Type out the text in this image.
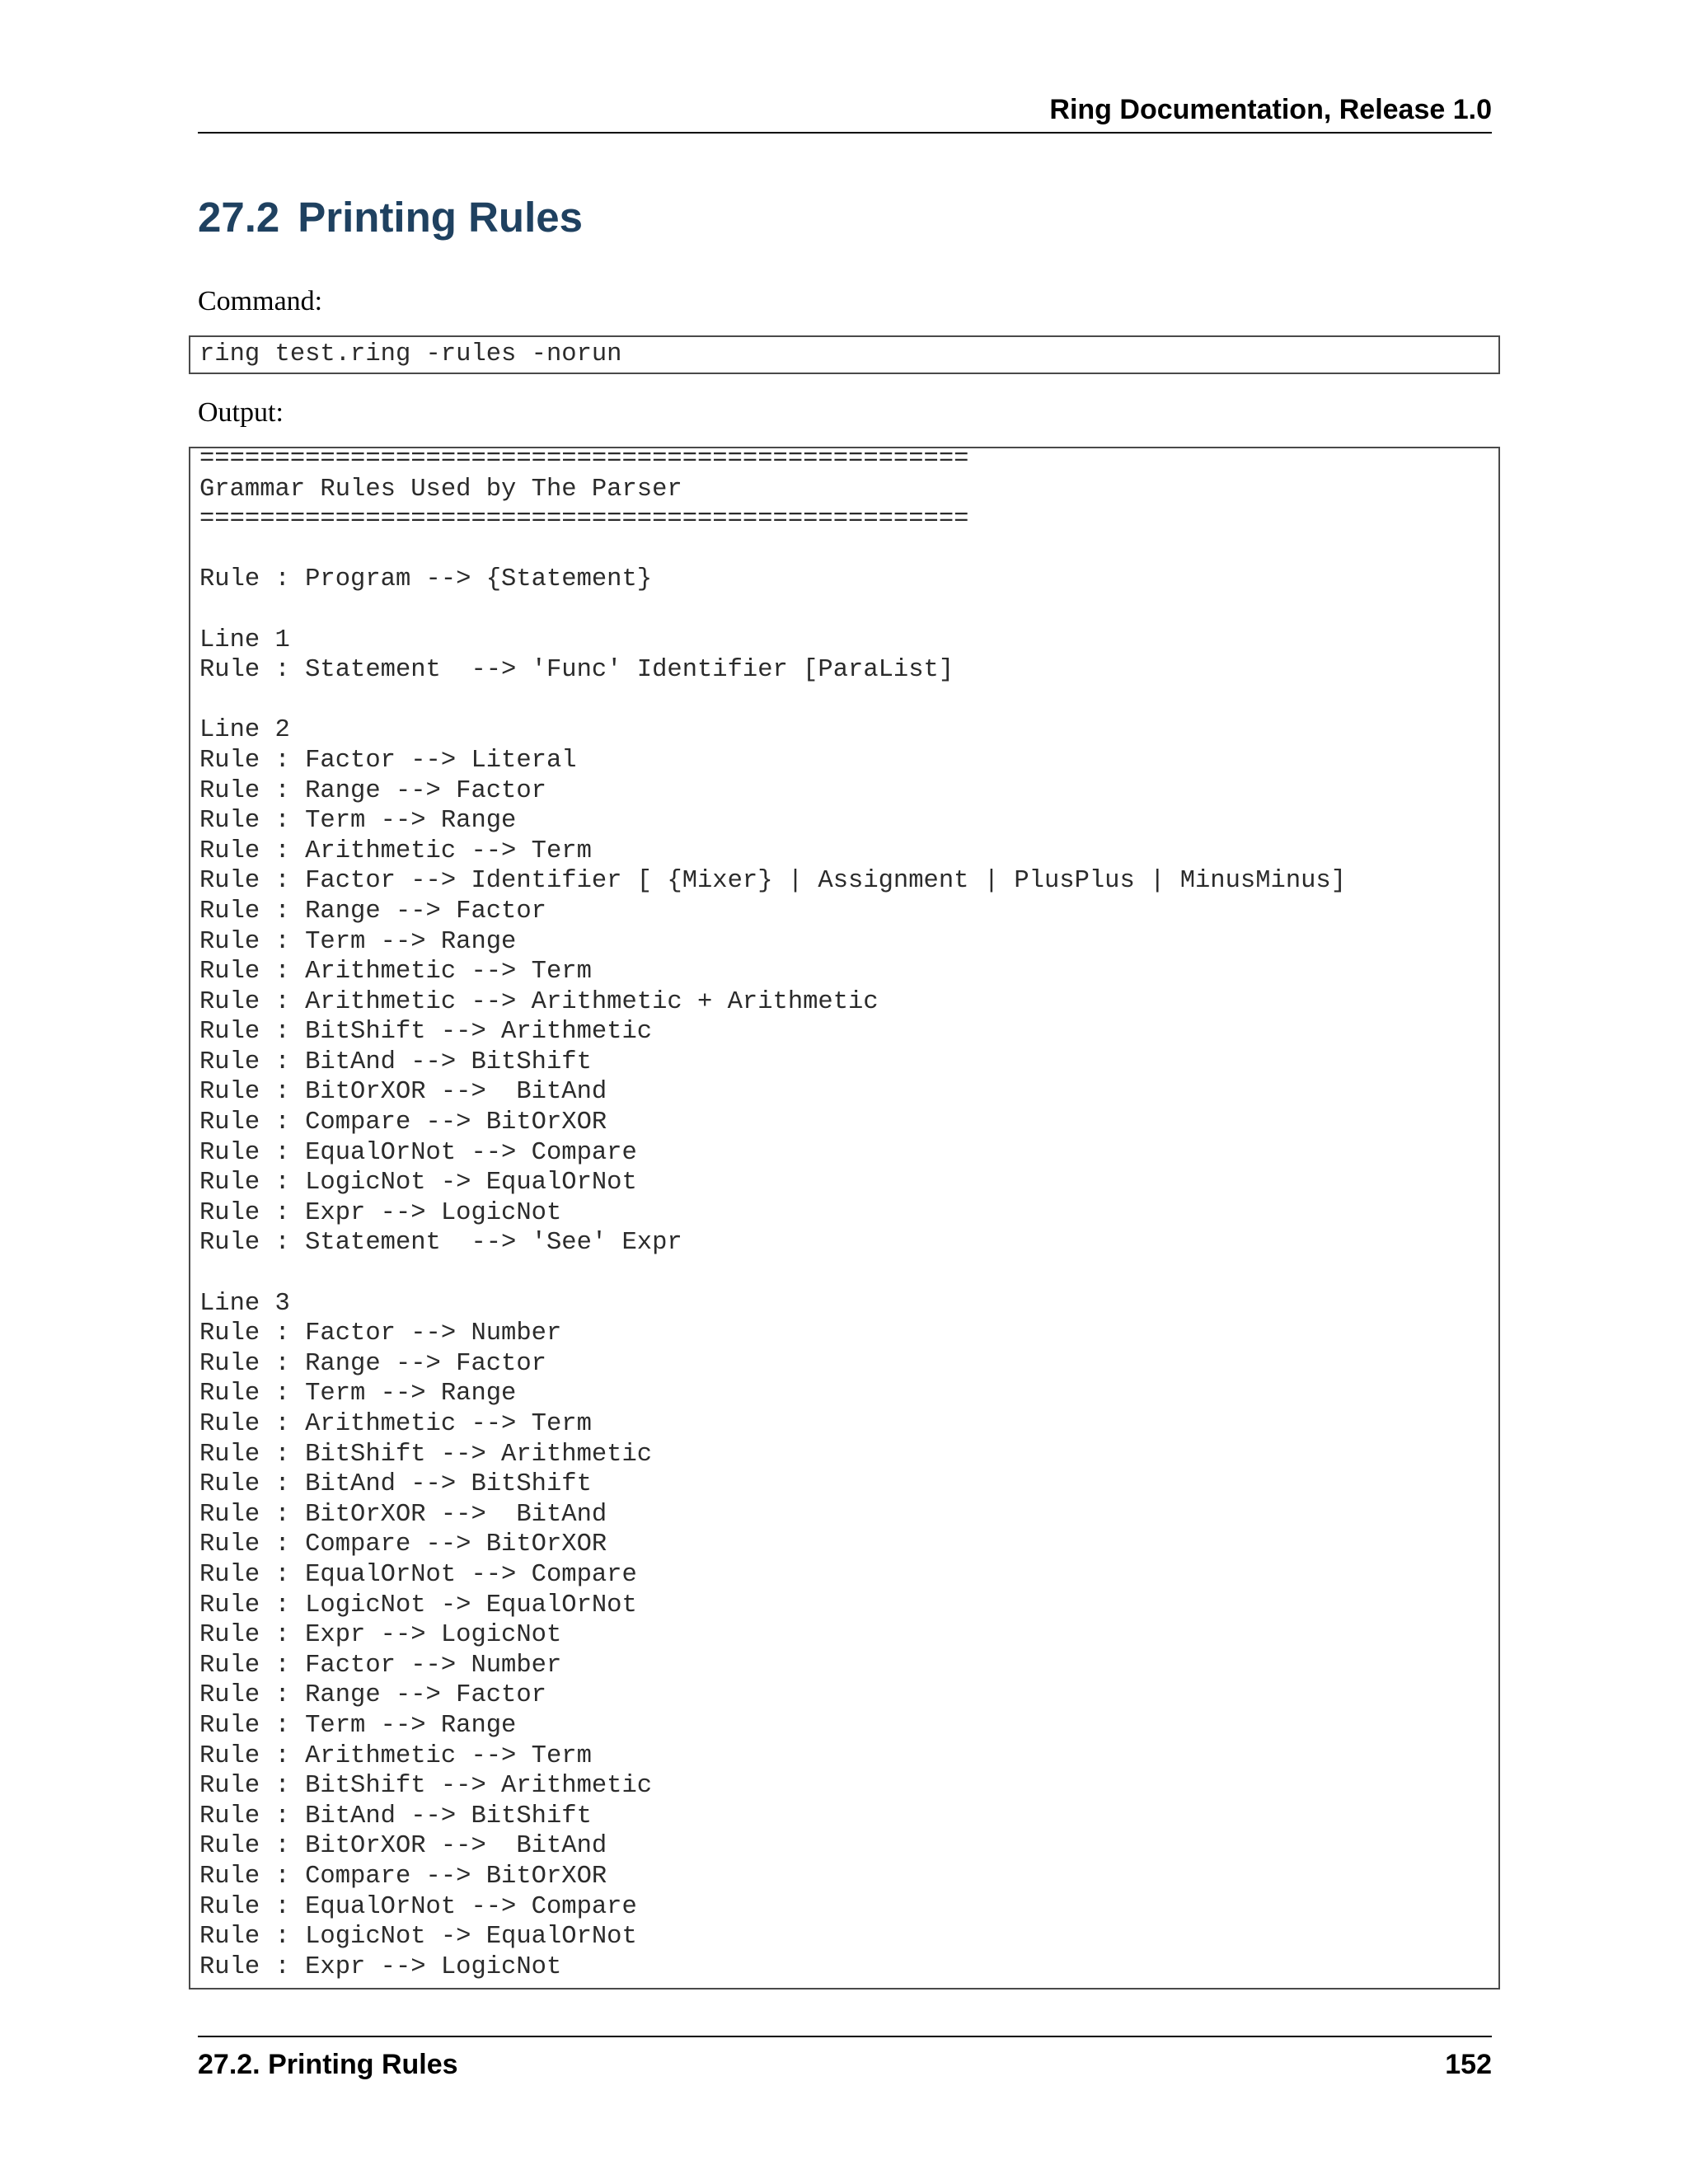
Ring Documentation, Release 1.0
27.2 Printing Rules
Command:
ring test.ring -rules -norun
Output:
===================================================
Grammar Rules Used by The Parser
===================================================

Rule : Program --> {Statement}

Line 1
Rule : Statement  --> 'Func' Identifier [ParaList]

Line 2
Rule : Factor --> Literal
Rule : Range --> Factor
Rule : Term --> Range
Rule : Arithmetic --> Term
Rule : Factor --> Identifier [ {Mixer} | Assignment | PlusPlus | MinusMinus]
Rule : Range --> Factor
Rule : Term --> Range
Rule : Arithmetic --> Term
Rule : Arithmetic --> Arithmetic + Arithmetic
Rule : BitShift --> Arithmetic
Rule : BitAnd --> BitShift
Rule : BitOrXOR -->  BitAnd
Rule : Compare --> BitOrXOR
Rule : EqualOrNot --> Compare
Rule : LogicNot -> EqualOrNot
Rule : Expr --> LogicNot
Rule : Statement  --> 'See' Expr

Line 3
Rule : Factor --> Number
Rule : Range --> Factor
Rule : Term --> Range
Rule : Arithmetic --> Term
Rule : BitShift --> Arithmetic
Rule : BitAnd --> BitShift
Rule : BitOrXOR -->  BitAnd
Rule : Compare --> BitOrXOR
Rule : EqualOrNot --> Compare
Rule : LogicNot -> EqualOrNot
Rule : Expr --> LogicNot
Rule : Factor --> Number
Rule : Range --> Factor
Rule : Term --> Range
Rule : Arithmetic --> Term
Rule : BitShift --> Arithmetic
Rule : BitAnd --> BitShift
Rule : BitOrXOR -->  BitAnd
Rule : Compare --> BitOrXOR
Rule : EqualOrNot --> Compare
Rule : LogicNot -> EqualOrNot
Rule : Expr --> LogicNot
27.2. Printing Rules	152
